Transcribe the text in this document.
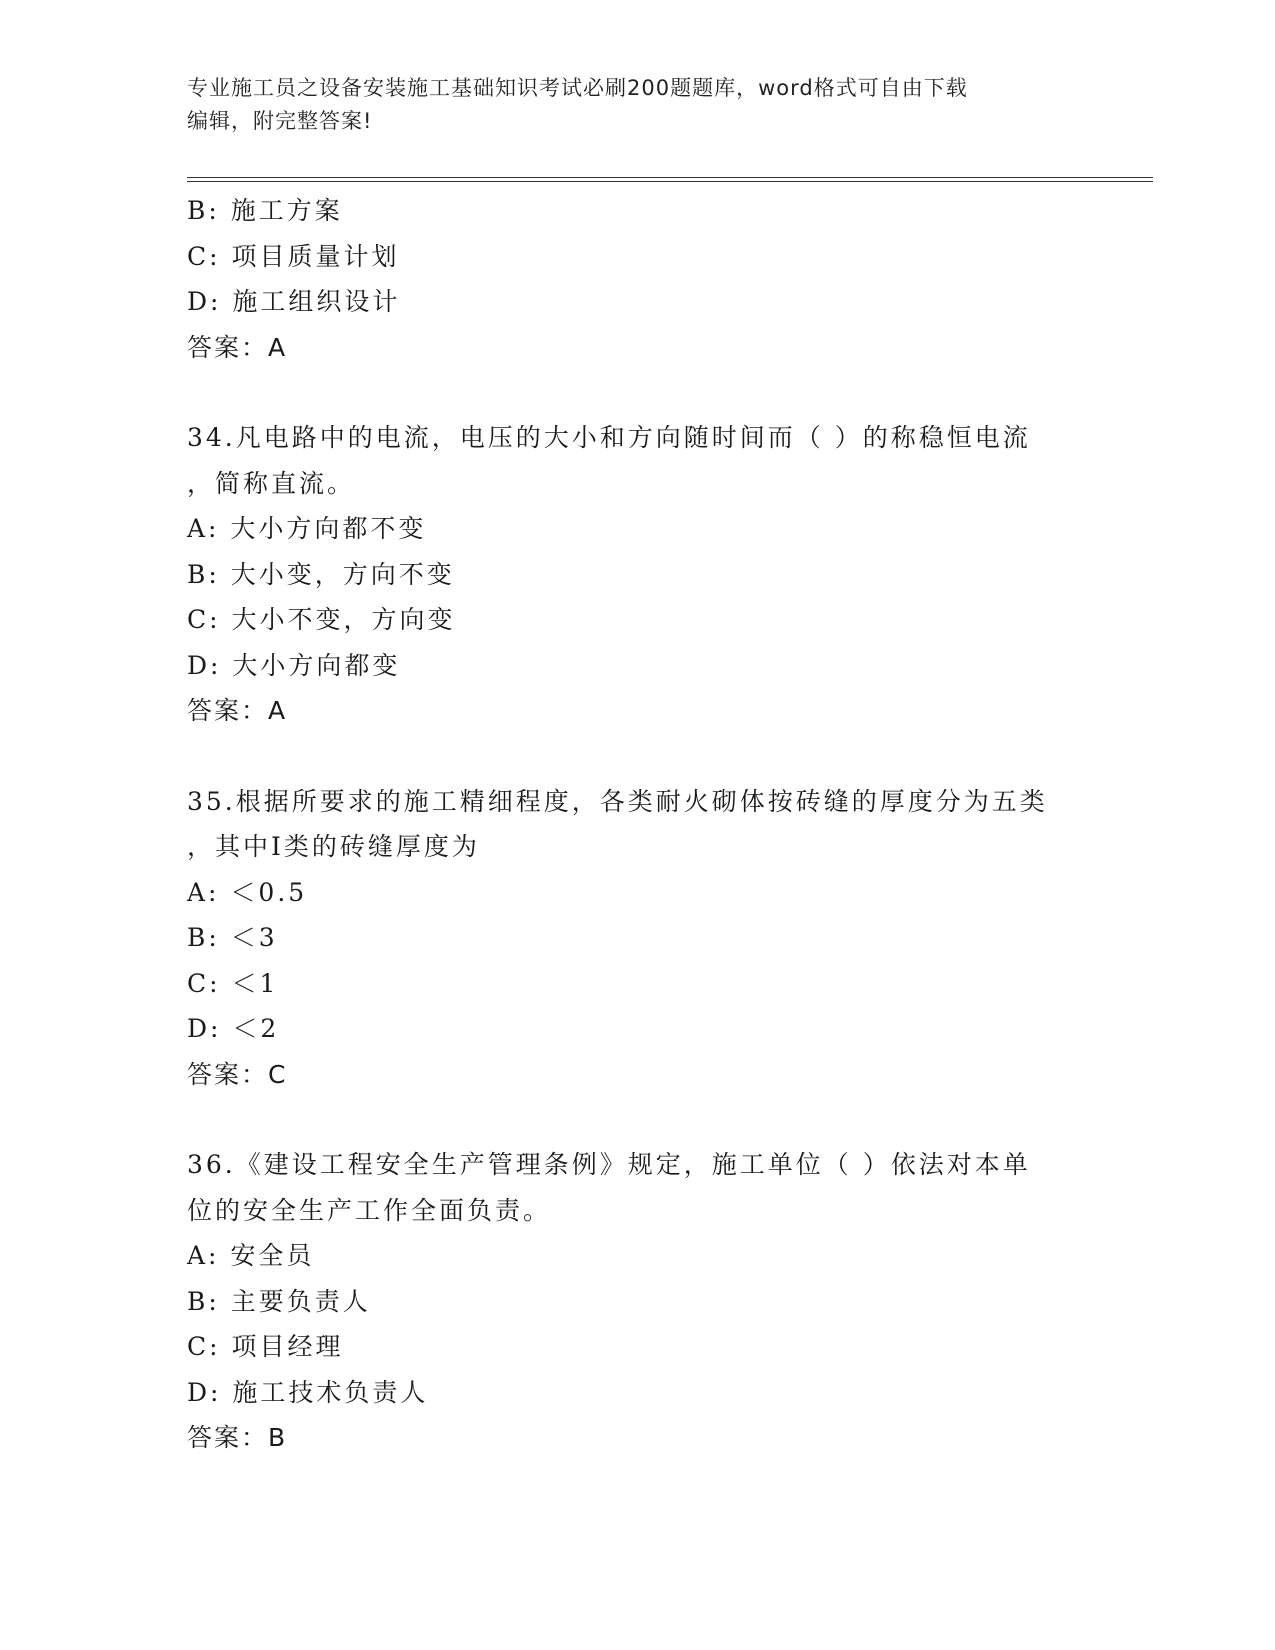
专业施工员之设备安装施工基础知识考试必刷200题题库，word格式可自由下载
编辑，附完整答案!
B: 施工方案
C: 项目质量计划
D: 施工组织设计
答案：A
34.凡电路中的电流，电压的大小和方向随时间而（ ）的称稳恒电流
，简称直流。
A: 大小方向都不变
B: 大小变，方向不变
C: 大小不变，方向变
D: 大小方向都变
答案：A
35.根据所要求的施工精细程度，各类耐火砌体按砖缝的厚度分为五类
，其中Ⅰ类的砖缝厚度为
A: ＜0.5
B: ＜3
C: ＜1
D: ＜2
答案：C
36.《建设工程安全生产管理条例》规定，施工单位（ ）依法对本单
位的安全生产工作全面负责。
A: 安全员
B: 主要负责人
C: 项目经理
D: 施工技术负责人
答案：B
